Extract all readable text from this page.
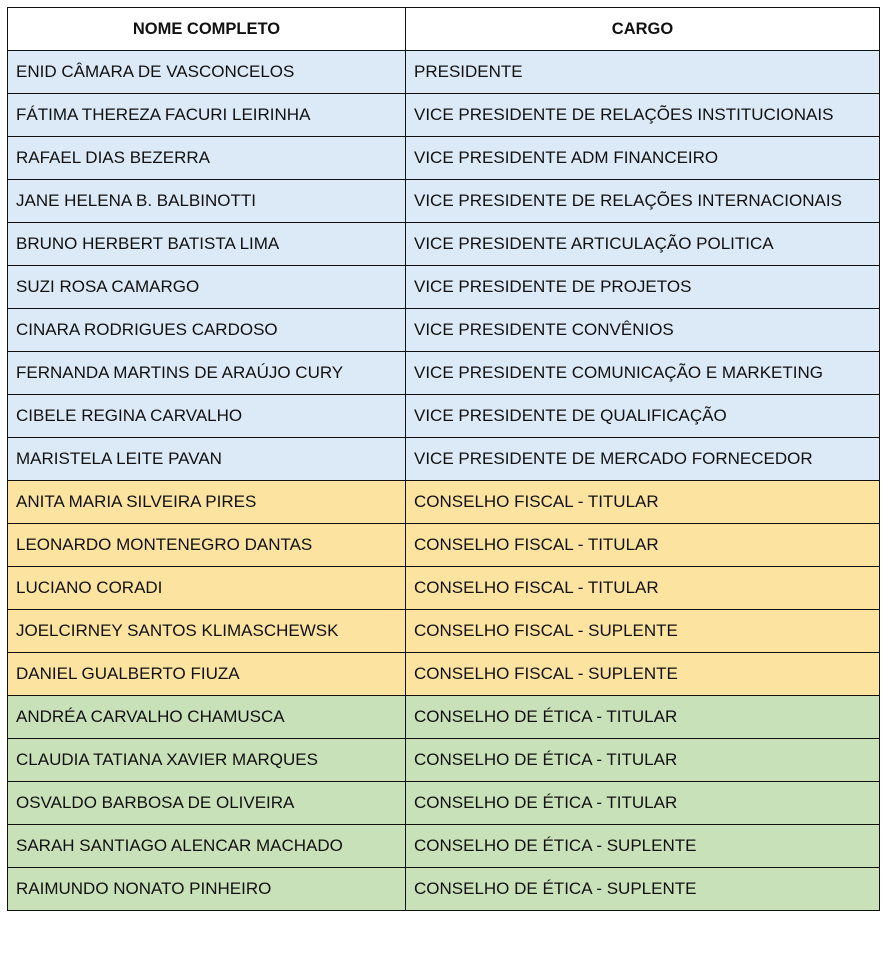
NOME COMPLETO	CARGO
ENID CÂMARA DE VASCONCELOS	PRESIDENTE
FÁTIMA THEREZA FACURI LEIRINHA	VICE PRESIDENTE DE RELAÇÕES INSTITUCIONAIS
RAFAEL DIAS BEZERRA	VICE PRESIDENTE ADM FINANCEIRO
JANE HELENA B. BALBINOTTI	VICE PRESIDENTE DE RELAÇÕES INTERNACIONAIS
BRUNO HERBERT BATISTA LIMA	VICE PRESIDENTE ARTICULAÇÃO POLITICA
SUZI ROSA CAMARGO	VICE PRESIDENTE DE PROJETOS
CINARA RODRIGUES CARDOSO	VICE PRESIDENTE CONVÊNIOS
FERNANDA MARTINS DE ARAÚJO CURY	VICE PRESIDENTE COMUNICAÇÃO E MARKETING
CIBELE REGINA CARVALHO	VICE PRESIDENTE DE QUALIFICAÇÃO
MARISTELA LEITE PAVAN	VICE PRESIDENTE DE MERCADO FORNECEDOR
ANITA MARIA SILVEIRA PIRES	CONSELHO FISCAL - TITULAR
LEONARDO MONTENEGRO DANTAS	CONSELHO FISCAL - TITULAR
LUCIANO CORADI	CONSELHO FISCAL - TITULAR
JOELCIRNEY SANTOS KLIMASCHEWSK	CONSELHO FISCAL - SUPLENTE
DANIEL GUALBERTO FIUZA	CONSELHO FISCAL - SUPLENTE
ANDRÉA CARVALHO CHAMUSCA	CONSELHO DE ÉTICA - TITULAR
CLAUDIA TATIANA XAVIER MARQUES	CONSELHO DE ÉTICA - TITULAR
OSVALDO BARBOSA DE OLIVEIRA	CONSELHO DE ÉTICA - TITULAR
SARAH SANTIAGO ALENCAR MACHADO	CONSELHO DE ÉTICA - SUPLENTE
RAIMUNDO NONATO PINHEIRO	CONSELHO DE ÉTICA - SUPLENTE
